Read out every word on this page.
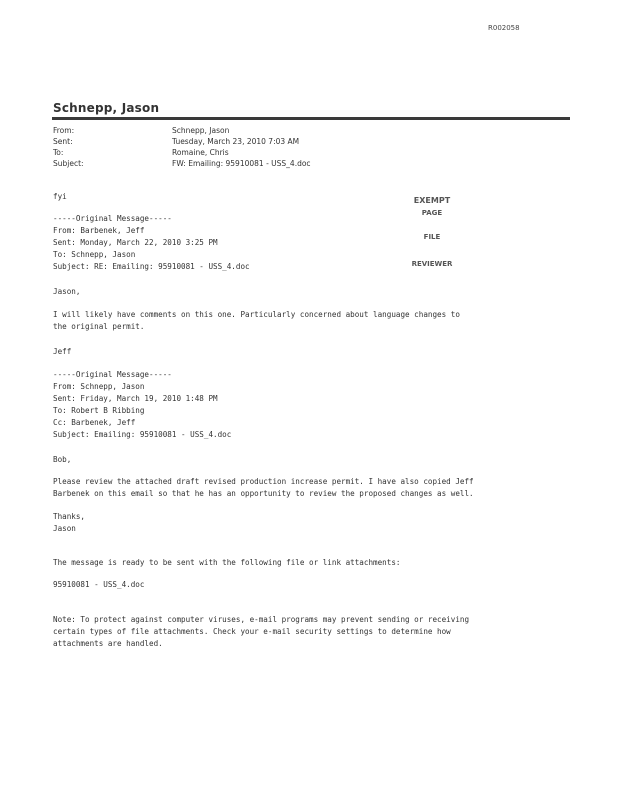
R002058
Schnepp, Jason
From:	Schnepp, Jason
Sent:	Tuesday, March 23, 2010 7:03 AM
To:	Romaine, Chris
Subject:	FW: Emailing: 95910081 - USS_4.doc
EXEMPT
PAGE
FILE
REVIEWER
fyi
-----Original Message-----
From: Barbenek, Jeff
Sent: Monday, March 22, 2010 3:25 PM
To: Schnepp, Jason
Subject: RE: Emailing: 95910081 - USS_4.doc
Jason,
I will likely have comments on this one. Particularly concerned about language changes to
the original permit.
Jeff
-----Original Message-----
From: Schnepp, Jason
Sent: Friday, March 19, 2010 1:48 PM
To: Robert B Ribbing
Cc: Barbenek, Jeff
Subject: Emailing: 95910081 - USS_4.doc
Bob,
Please review the attached draft revised production increase permit. I have also copied Jeff
Barbenek on this email so that he has an opportunity to review the proposed changes as well.
Thanks,
Jason
The message is ready to be sent with the following file or link attachments:
95910081 - USS_4.doc
Note: To protect against computer viruses, e-mail programs may prevent sending or receiving
certain types of file attachments. Check your e-mail security settings to determine how
attachments are handled.
